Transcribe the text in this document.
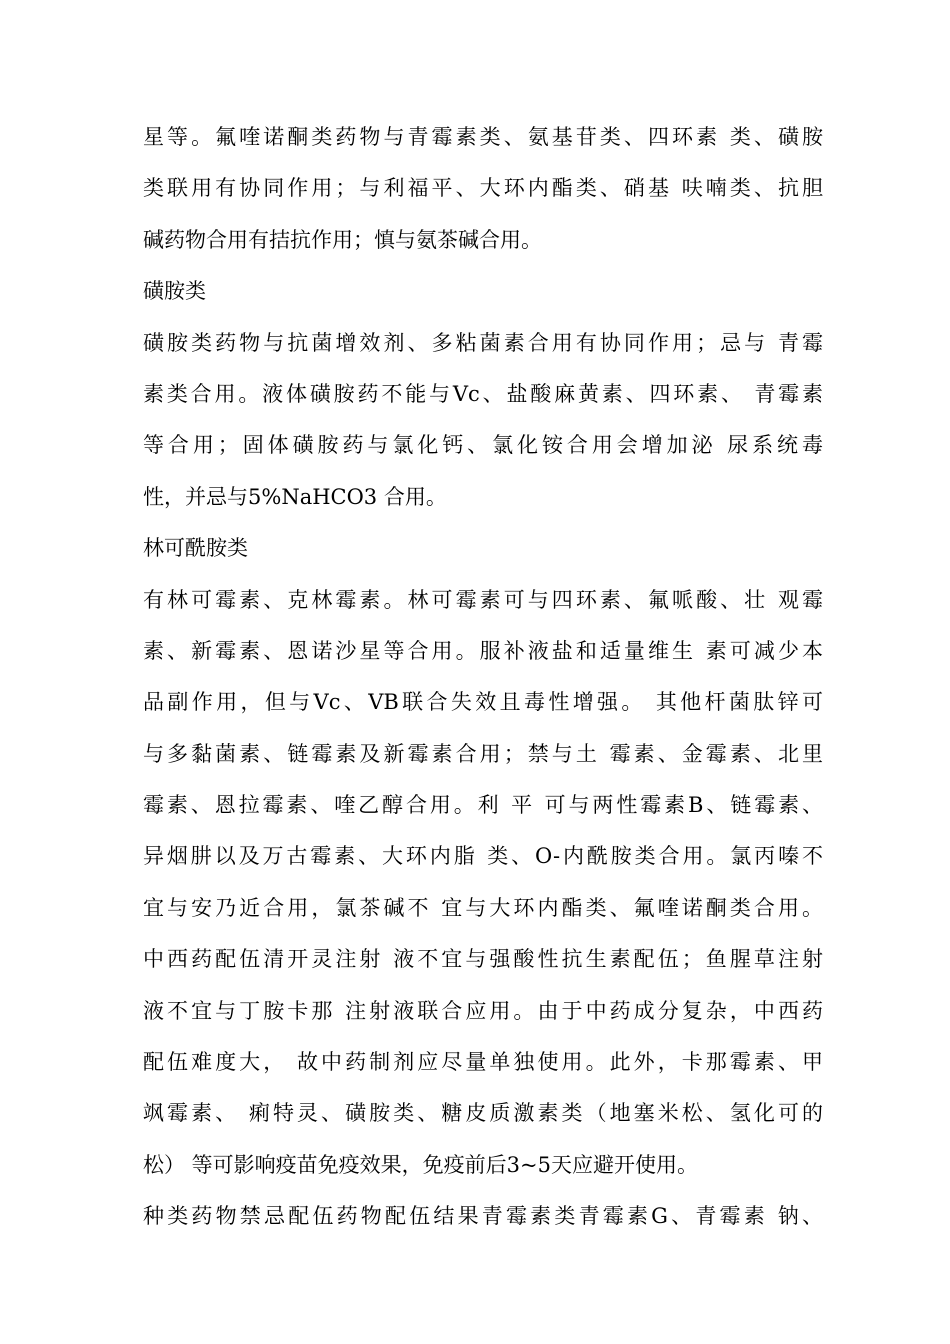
星等。氟喹诺酮类药物与青霉素类、氨基苷类、四环素 类、磺胺
类联用有协同作用；与利福平、大环内酯类、硝基 呋喃类、抗胆
碱药物合用有拮抗作用；慎与氨茶碱合用。
磺胺类
磺胺类药物与抗菌增效剂、多粘菌素合用有协同作用；忌与 青霉
素类合用。液体磺胺药不能与Vc、盐酸麻黄素、四环素、 青霉素
等合用；固体磺胺药与氯化钙、氯化铵合用会增加泌 尿系统毒
性，并忌与5%NaHCO3 合用。
林可酰胺类
有林可霉素、克林霉素。林可霉素可与四环素、氟哌酸、壮 观霉
素、新霉素、恩诺沙星等合用。服补液盐和适量维生 素可减少本
品副作用，但与Vc、VB联合失效且毒性增强。 其他杆菌肽锌可
与多黏菌素、链霉素及新霉素合用；禁与土 霉素、金霉素、北里
霉素、恩拉霉素、喹乙醇合用。利 平 可与两性霉素B、链霉素、
异烟肼以及万古霉素、大环内脂 类、O-内酰胺类合用。氯丙嗪不
宜与安乃近合用，氯茶碱不 宜与大环内酯类、氟喹诺酮类合用。
中西药配伍清开灵注射 液不宜与强酸性抗生素配伍；鱼腥草注射
液不宜与丁胺卡那 注射液联合应用。由于中药成分复杂，中西药
配伍难度大， 故中药制剂应尽量单独使用。此外，卡那霉素、甲
飒霉素、 痢特灵、磺胺类、糖皮质激素类（地塞米松、氢化可的
松） 等可影响疫苗免疫效果，免疫前后3~5天应避开使用。
种类药物禁忌配伍药物配伍结果青霉素类青霉素G、青霉素 钠、
